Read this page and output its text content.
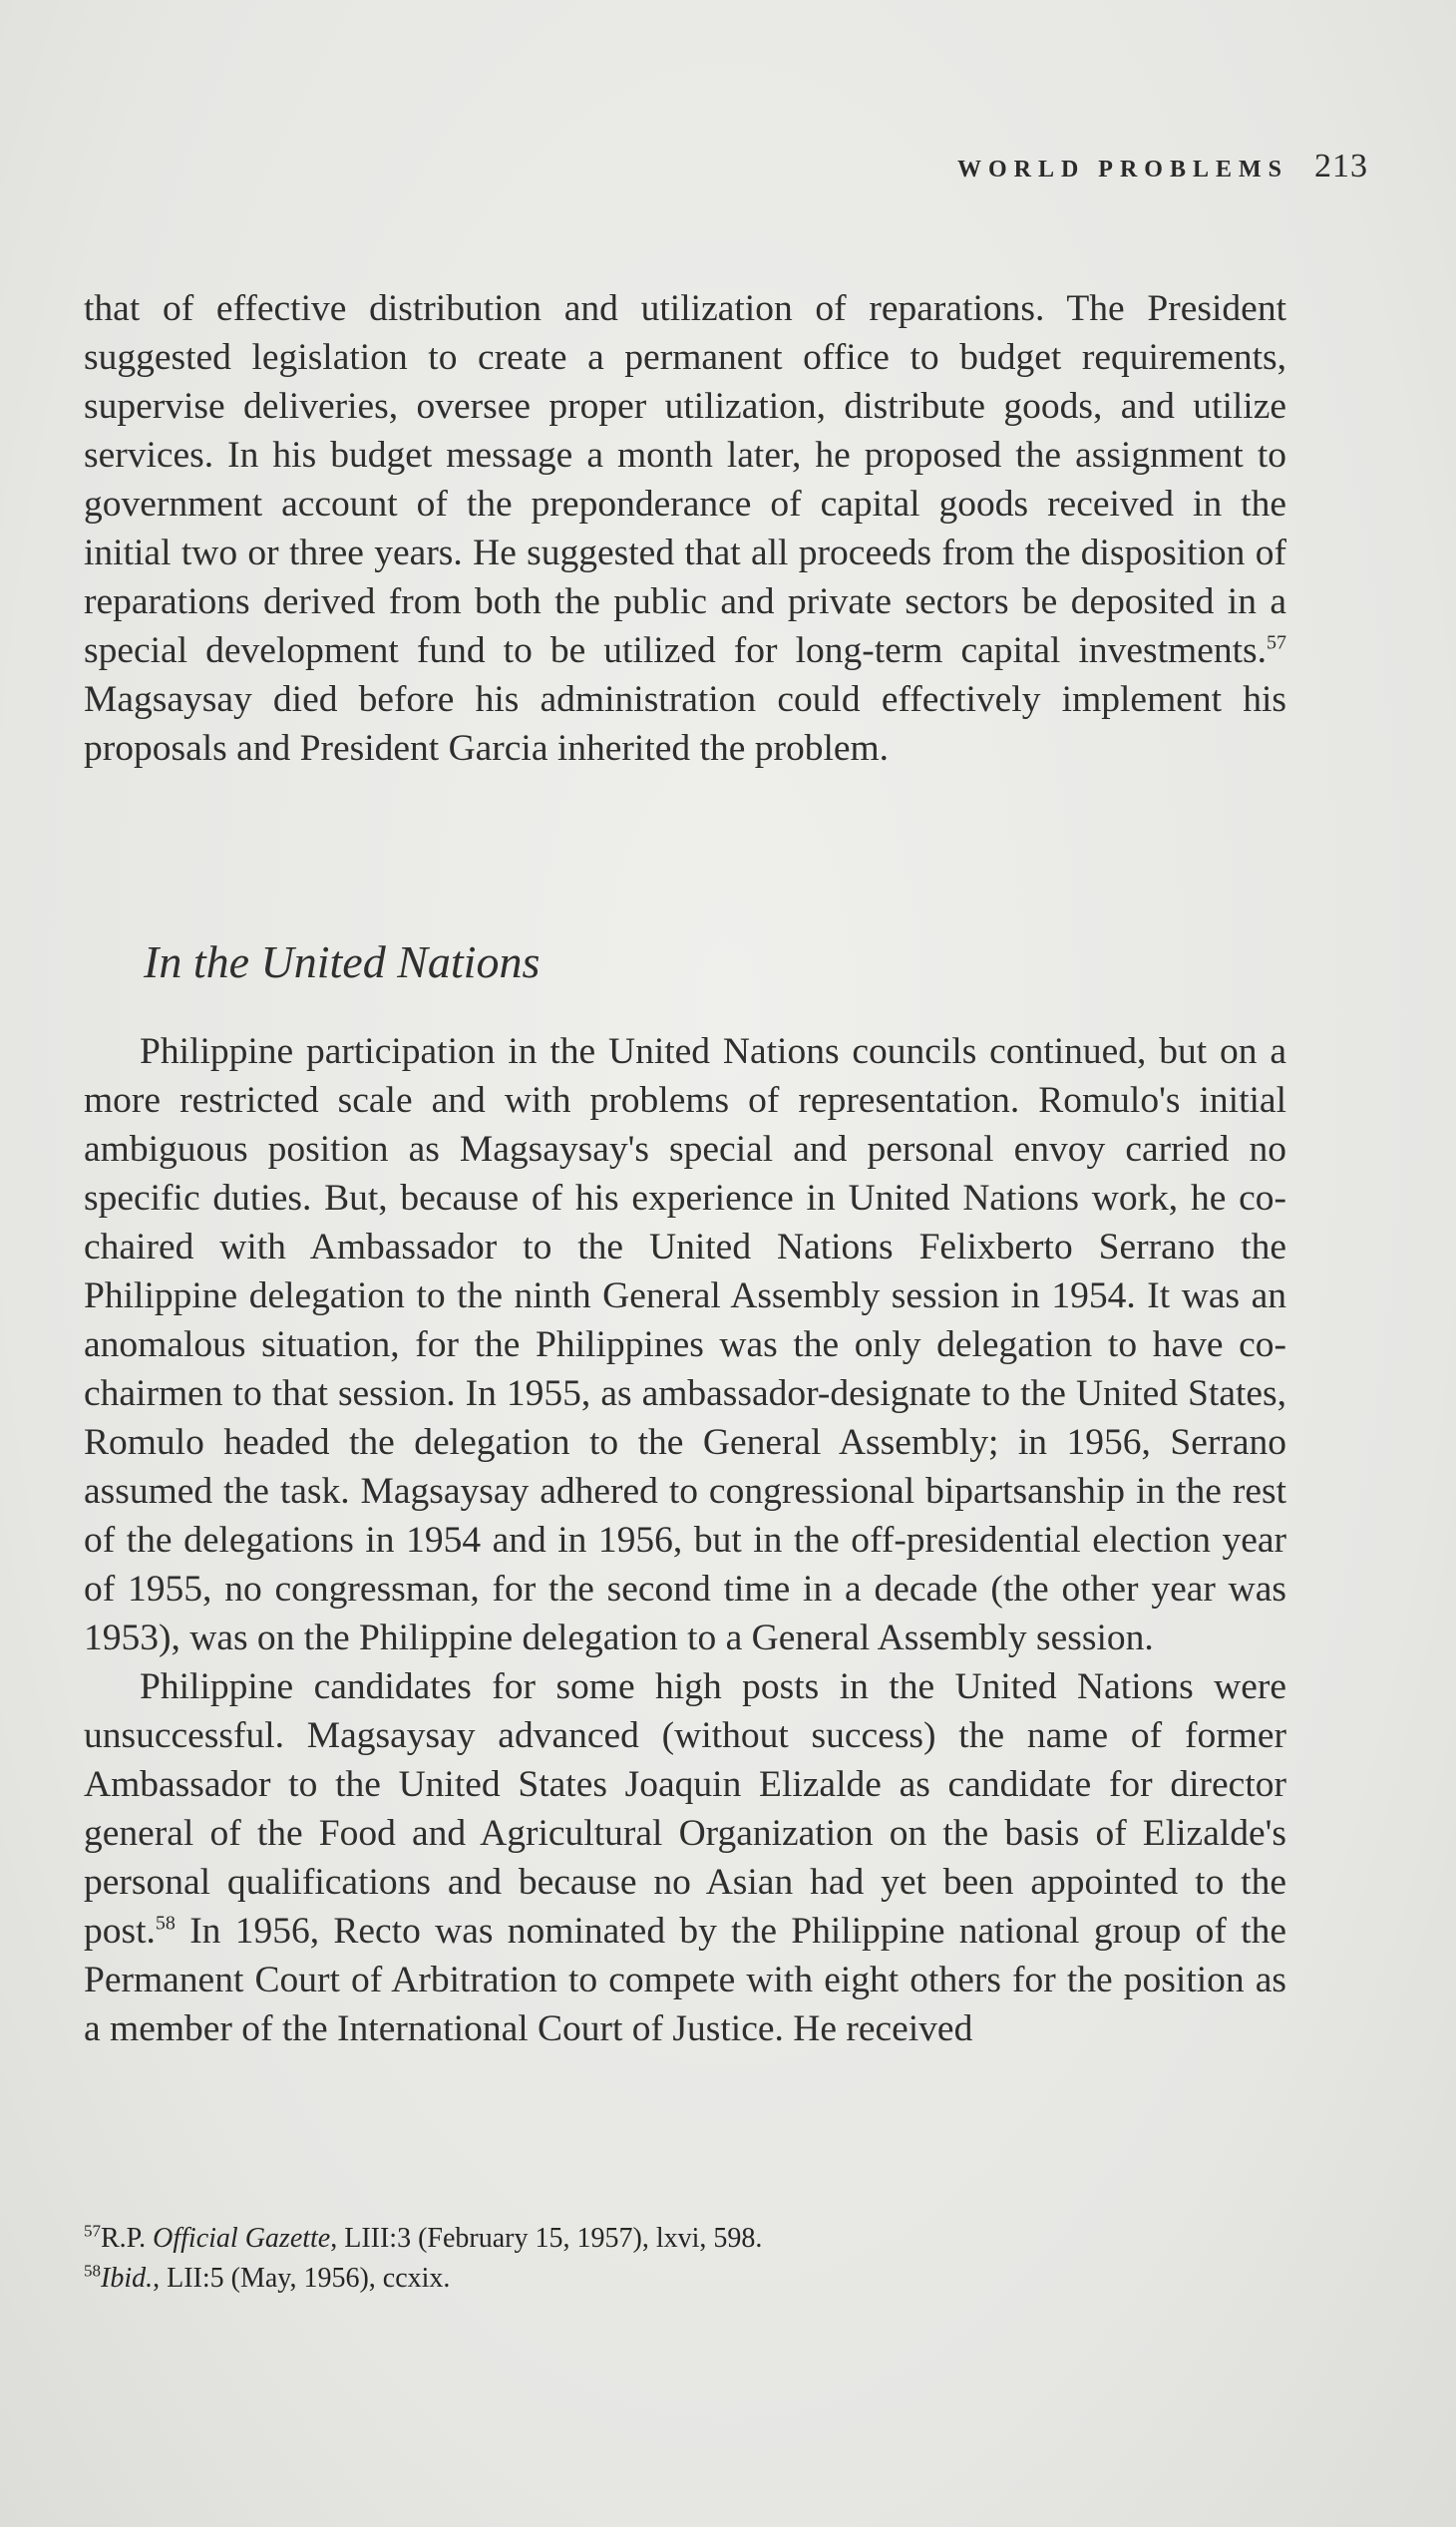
WORLD PROBLEMS 213

that of effective distribution and utilization of reparations. The President suggested legislation to create a permanent office to budget requirements, supervise deliveries, oversee proper utilization, distribute goods, and utilize services. In his budget message a month later, he proposed the assignment to government account of the preponderance of capital goods received in the initial two or three years. He suggested that all proceeds from the disposition of reparations derived from both the public and private sectors be deposited in a special development fund to be utilized for long-term capital investments.$^{57}$ Magsaysay died before his administration could effectively implement his proposals and President Garcia inherited the problem.

In the United Nations

Philippine participation in the United Nations councils continued, but on a more restricted scale and with problems of representation. Romulo's initial ambiguous position as Magsaysay's special and personal envoy carried no specific duties. But, because of his experience in United Nations work, he co-chaired with Ambassador to the United Nations Felixberto Serrano the Philippine delegation to the ninth General Assembly session in 1954. It was an anomalous situation, for the Philippines was the only delegation to have co-chairmen to that session. In 1955, as ambassador-designate to the United States, Romulo headed the delegation to the General Assembly; in 1956, Serrano assumed the task. Magsaysay adhered to congressional bipartsanship in the rest of the delegations in 1954 and in 1956, but in the off-presidential election year of 1955, no congressman, for the second time in a decade (the other year was 1953), was on the Philippine delegation to a General Assembly session.

Philippine candidates for some high posts in the United Nations were unsuccessful. Magsaysay advanced (without success) the name of former Ambassador to the United States Joaquin Elizalde as candidate for director general of the Food and Agricultural Organization on the basis of Elizalde's personal qualifications and because no Asian had yet been appointed to the post.$^{58}$ In 1956, Recto was nominated by the Philippine national group of the Permanent Court of Arbitration to compete with eight others for the position as a member of the International Court of Justice. He received

$^{57}$R.P. Official Gazette, LIII:3 (February 15, 1957), lxvi, 598.

$^{58}$Ibid., LII:5 (May, 1956), ccxix.
